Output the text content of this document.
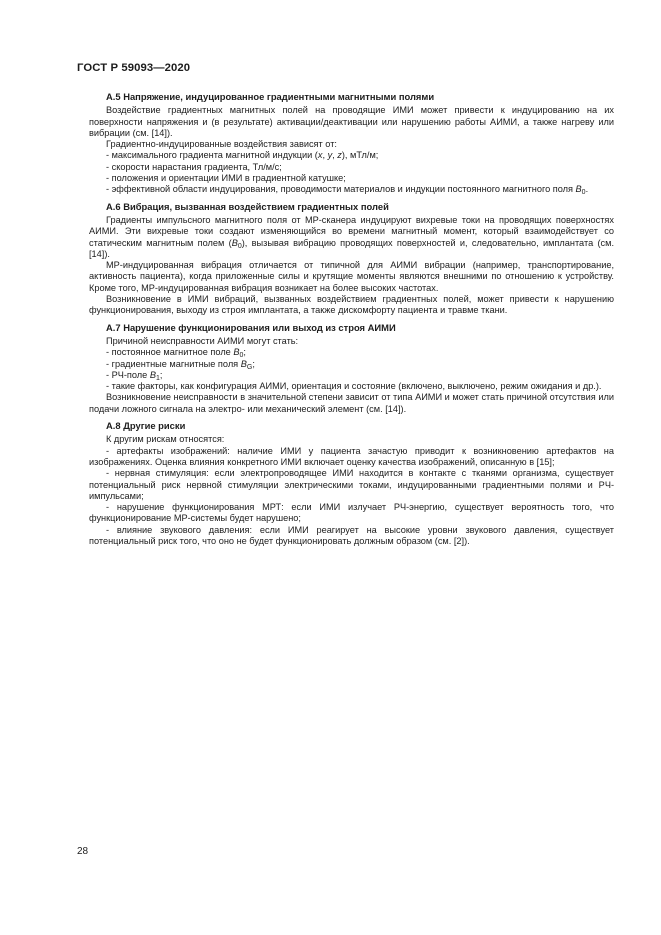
ГОСТ Р 59093—2020
А.5 Напряжение, индуцированное градиентными магнитными полями

Воздействие градиентных магнитных полей на проводящие ИМИ может привести к индуцированию на их поверхности напряжения и (в результате) активации/деактивации или нарушению работы АИМИ, а также нагреву или вибрации (см. [14]).

Градиентно-индуцированные воздействия зависят от:

- максимального градиента магнитной индукции (x, y, z), мТл/м;

- скорости нарастания градиента, Тл/м/с;

- положения и ориентации ИМИ в градиентной катушке;

- эффективной области индуцирования, проводимости материалов и индукции постоянного магнитного поля $B_0$.

А.6 Вибрация, вызванная воздействием градиентных полей

Градиенты импульсного магнитного поля от МР-сканера индуцируют вихревые токи на проводящих поверхностях АИМИ. Эти вихревые токи создают изменяющийся во времени магнитный момент, который взаимодействует со статическим магнитным полем $(B_0)$, вызывая вибрацию проводящих поверхностей и, следовательно, имплантата (см. [14]).

МР-индуцированная вибрация отличается от типичной для АИМИ вибрации (например, транспортирование, активность пациента), когда приложенные силы и крутящие моменты являются внешними по отношению к устройству. Кроме того, МР-индуцированная вибрация возникает на более высоких частотах.

Возникновение в ИМИ вибраций, вызванных воздействием градиентных полей, может привести к нарушению функционирования, выходу из строя имплантата, а также дискомфорту пациента и травме ткани.

А.7 Нарушение функционирования или выход из строя АИМИ

Причиной неисправности АИМИ могут стать:

- постоянное магнитное поле $B_0$;

- градиентные магнитные поля $B_G$;

- РЧ-поле $B_1$;

- такие факторы, как конфигурация АИМИ, ориентация и состояние (включено, выключено, режим ожидания и др.).

Возникновение неисправности в значительной степени зависит от типа АИМИ и может стать причиной отсутствия или подачи ложного сигнала на электро- или механический элемент (см. [14]).

А.8 Другие риски

К другим рискам относятся:

- артефакты изображений: наличие ИМИ у пациента зачастую приводит к возникновению артефактов на изображениях. Оценка влияния конкретного ИМИ включает оценку качества изображений, описанную в [15];

- нервная стимуляция: если электропроводящее ИМИ находится в контакте с тканями организма, существует потенциальный риск нервной стимуляции электрическими токами, индуцированными градиентными полями и РЧ-импульсами;

- нарушение функционирования МРТ: если ИМИ излучает РЧ-энергию, существует вероятность того, что функционирование МР-системы будет нарушено;

- влияние звукового давления: если ИМИ реагирует на высокие уровни звукового давления, существует потенциальный риск того, что оно не будет функционировать должным образом (см. [2]).

28
